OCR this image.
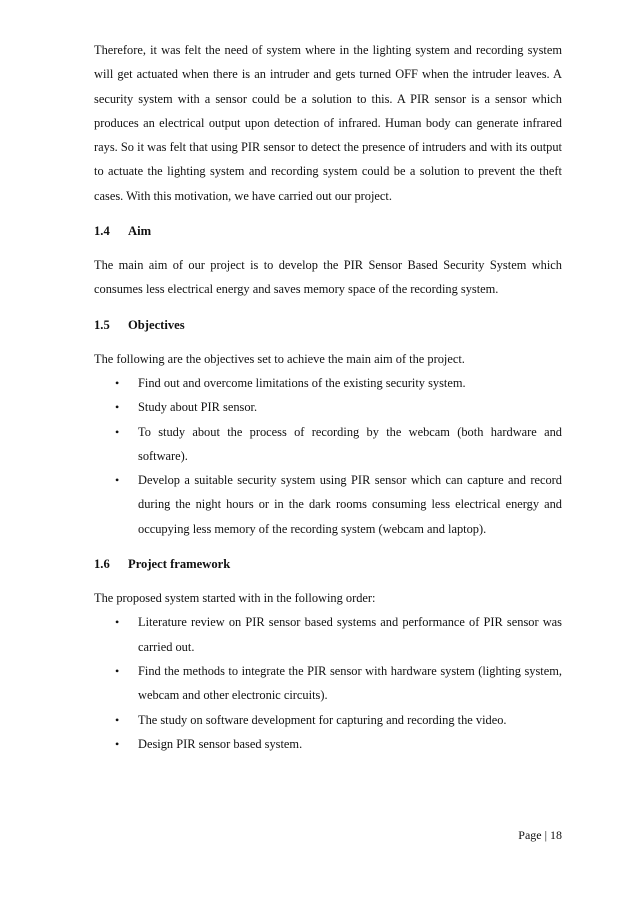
Therefore, it was felt the need of system where in the lighting system and recording system will get actuated when there is an intruder and gets turned OFF when the intruder leaves. A security system with a sensor could be a solution to this. A PIR sensor is a sensor which produces an electrical output upon detection of infrared. Human body can generate infrared rays. So it was felt that using PIR sensor to detect the presence of intruders and with its output to actuate the lighting system and recording system could be a solution to prevent the theft cases. With this motivation, we have carried out our project.

1.4 Aim

The main aim of our project is to develop the PIR Sensor Based Security System which consumes less electrical energy and saves memory space of the recording system.

1.5 Objectives

The following are the objectives set to achieve the main aim of the project.

• Find out and overcome limitations of the existing security system.
• Study about PIR sensor.
• To study about the process of recording by the webcam (both hardware and software).
• Develop a suitable security system using PIR sensor which can capture and record during the night hours or in the dark rooms consuming less electrical energy and occupying less memory of the recording system (webcam and laptop).

1.6 Project framework

The proposed system started with in the following order:

• Literature review on PIR sensor based systems and performance of PIR sensor was carried out.
• Find the methods to integrate the PIR sensor with hardware system (lighting system, webcam and other electronic circuits).
• The study on software development for capturing and recording the video.
• Design PIR sensor based system.
Page | 18
